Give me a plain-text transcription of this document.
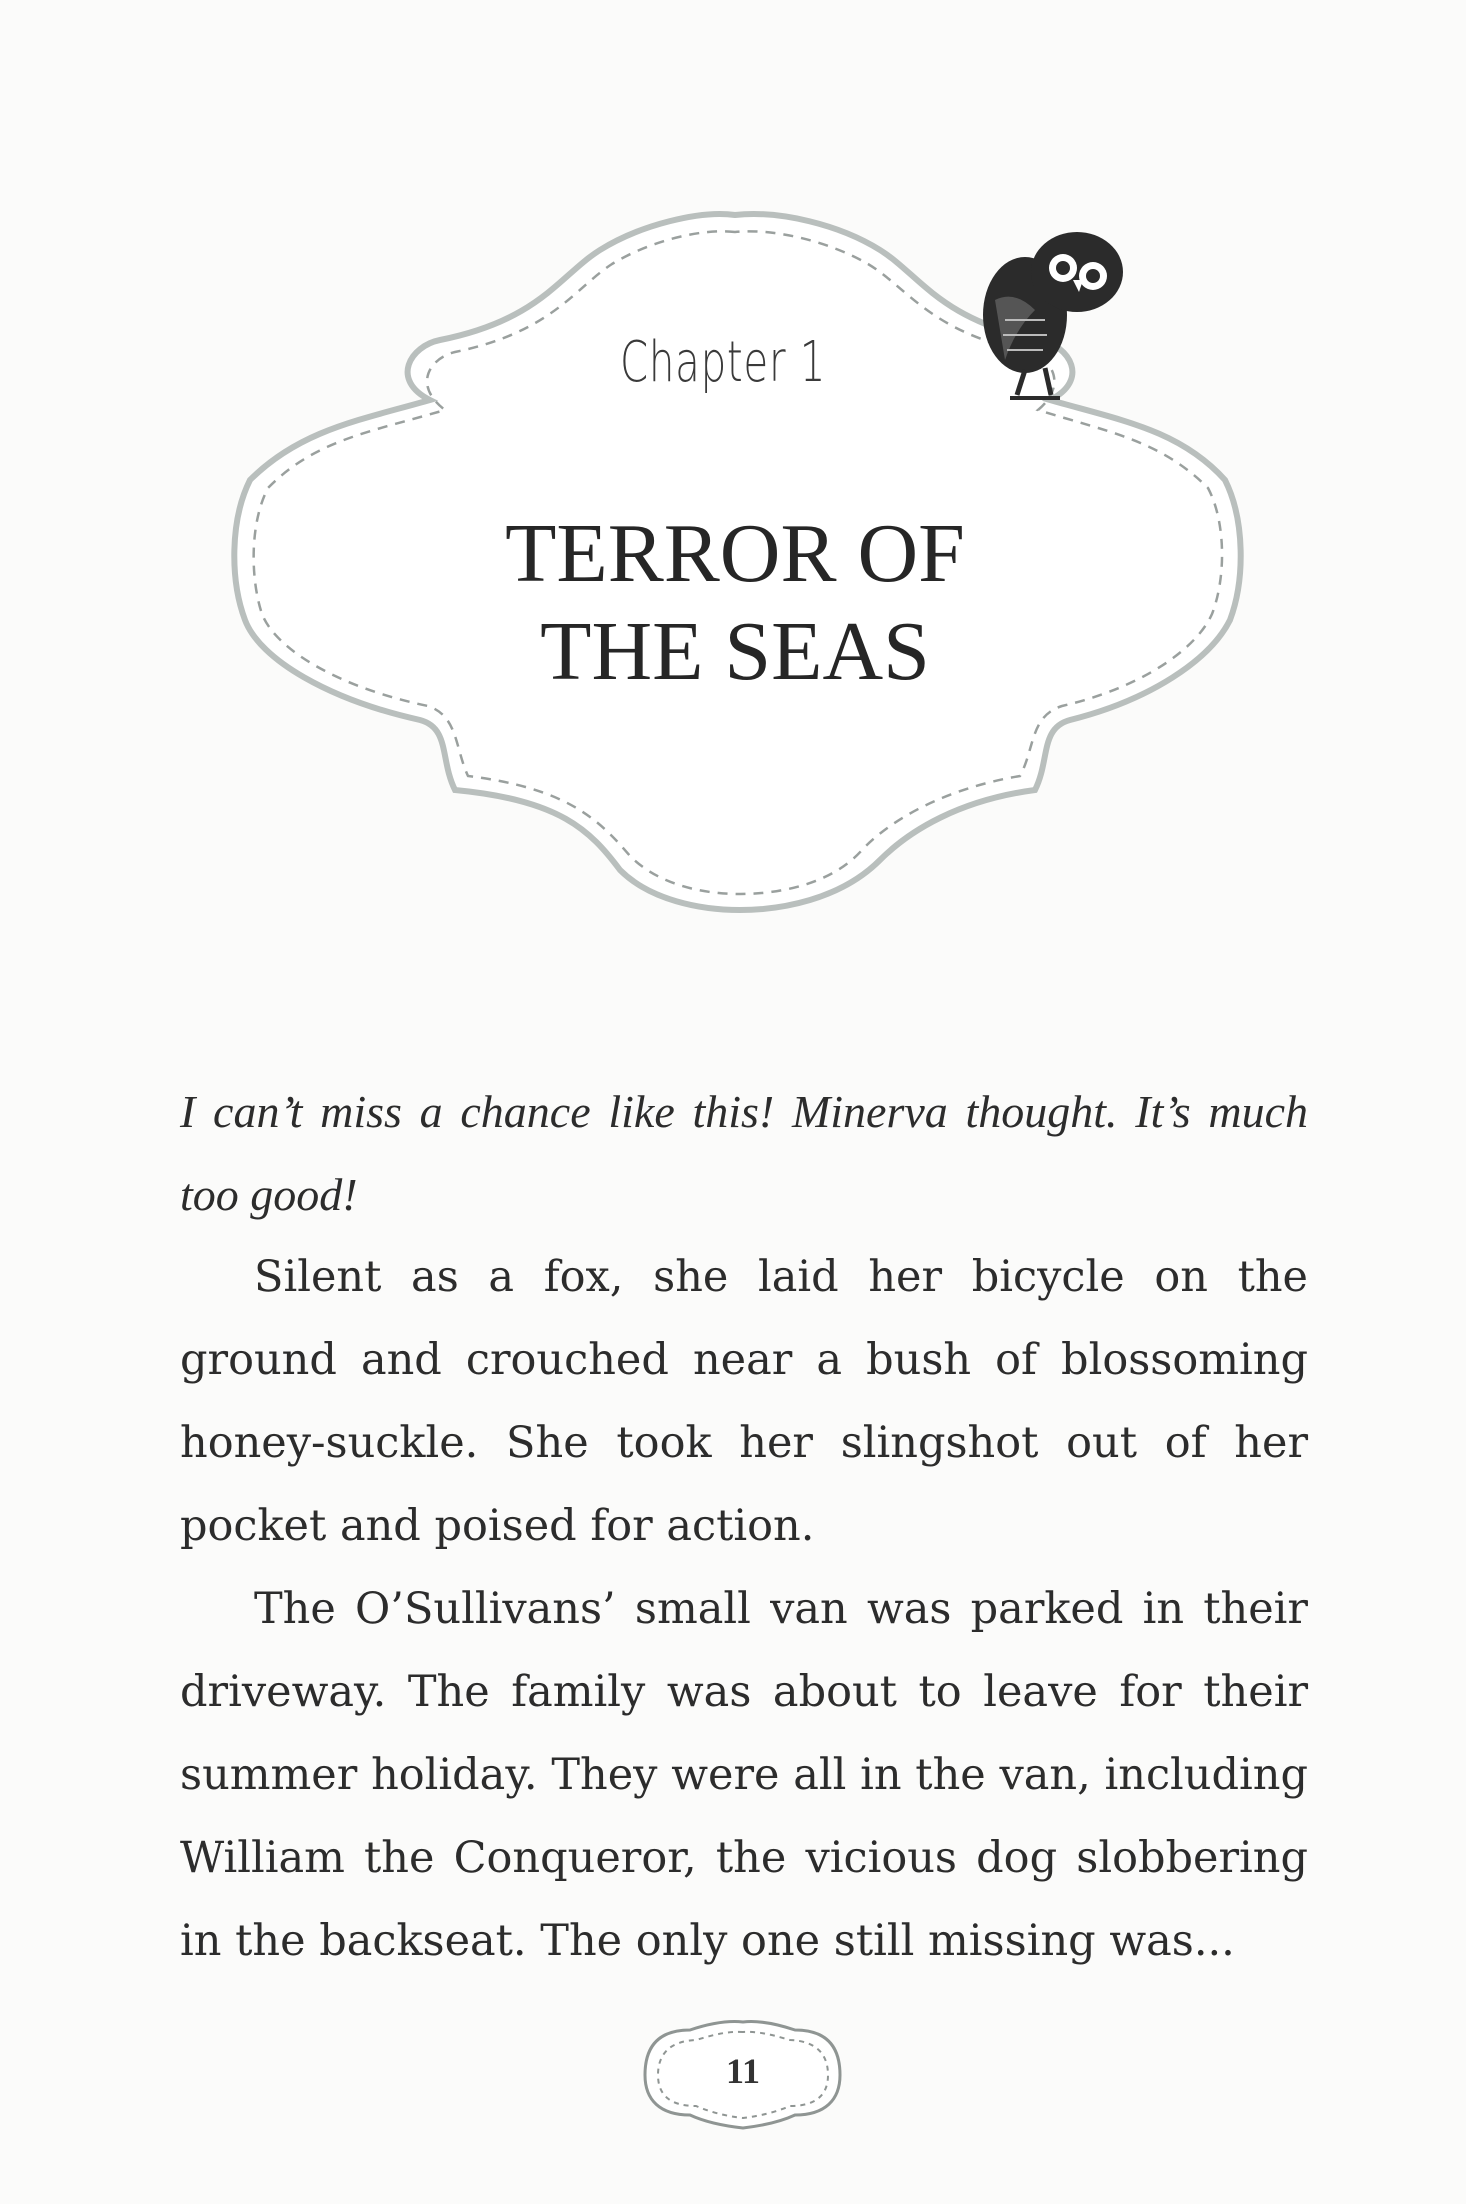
Chapter 1
TERROR OF
THE SEAS

I can’t miss a chance like this! Minerva thought. It’s much too good!

Silent as a fox, she laid her bicycle on the ground and crouched near a bush of blossoming honey-suckle. She took her slingshot out of her pocket and poised for action.

The O’Sullivans’ small van was parked in their driveway. The family was about to leave for their summer holiday. They were all in the van, including William the Conqueror, the vicious dog slobbering in the backseat. The only one still missing was...

11
